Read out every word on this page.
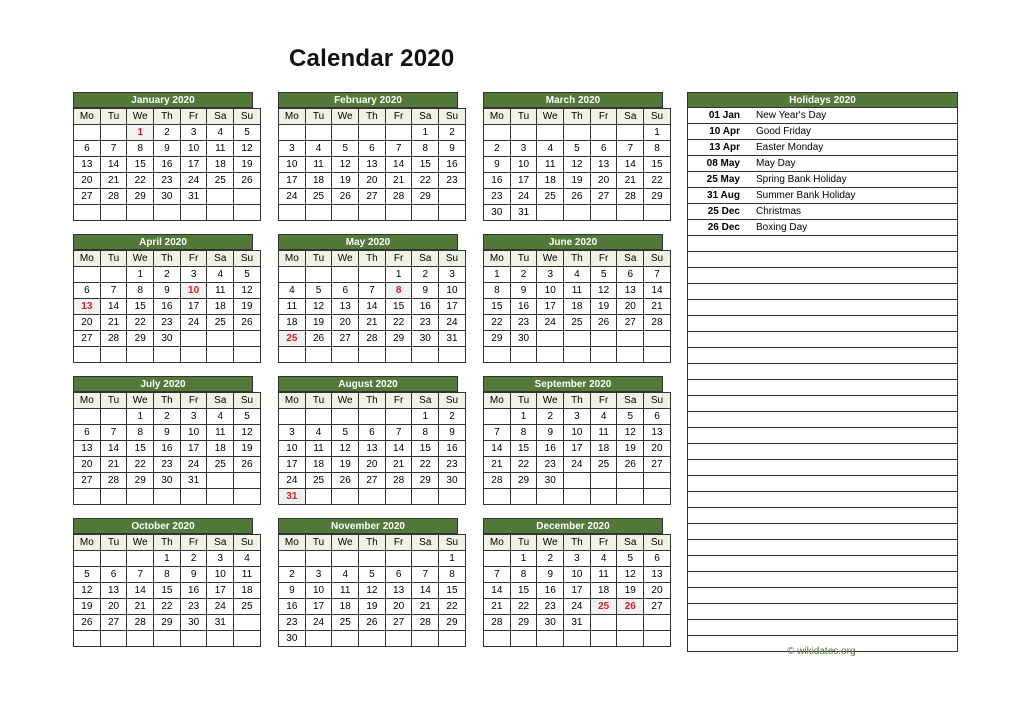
Calendar 2020
January 2020
Mo	Tu	We	Th	Fr	Sa	Su
		1	2	3	4	5
6	7	8	9	10	11	12
13	14	15	16	17	18	19
20	21	22	23	24	25	26
27	28	29	30	31		

February 2020
Mo	Tu	We	Th	Fr	Sa	Su
					1	2
3	4	5	6	7	8	9
10	11	12	13	14	15	16
17	18	19	20	21	22	23
24	25	26	27	28	29	

March 2020
Mo	Tu	We	Th	Fr	Sa	Su
						1
2	3	4	5	6	7	8
9	10	11	12	13	14	15
16	17	18	19	20	21	22
23	24	25	26	27	28	29
30	31					
April 2020
Mo	Tu	We	Th	Fr	Sa	Su
		1	2	3	4	5
6	7	8	9	10	11	12
13	14	15	16	17	18	19
20	21	22	23	24	25	26
27	28	29	30			

May 2020
Mo	Tu	We	Th	Fr	Sa	Su
				1	2	3
4	5	6	7	8	9	10
11	12	13	14	15	16	17
18	19	20	21	22	23	24
25	26	27	28	29	30	31

June 2020
Mo	Tu	We	Th	Fr	Sa	Su
1	2	3	4	5	6	7
8	9	10	11	12	13	14
15	16	17	18	19	20	21
22	23	24	25	26	27	28
29	30					

July 2020
Mo	Tu	We	Th	Fr	Sa	Su
		1	2	3	4	5
6	7	8	9	10	11	12
13	14	15	16	17	18	19
20	21	22	23	24	25	26
27	28	29	30	31		

August 2020
Mo	Tu	We	Th	Fr	Sa	Su
					1	2
3	4	5	6	7	8	9
10	11	12	13	14	15	16
17	18	19	20	21	22	23
24	25	26	27	28	29	30
31						
September 2020
Mo	Tu	We	Th	Fr	Sa	Su
	1	2	3	4	5	6
7	8	9	10	11	12	13
14	15	16	17	18	19	20
21	22	23	24	25	26	27
28	29	30				

October 2020
Mo	Tu	We	Th	Fr	Sa	Su
			1	2	3	4
5	6	7	8	9	10	11
12	13	14	15	16	17	18
19	20	21	22	23	24	25
26	27	28	29	30	31	

November 2020
Mo	Tu	We	Th	Fr	Sa	Su
						1
2	3	4	5	6	7	8
9	10	11	12	13	14	15
16	17	18	19	20	21	22
23	24	25	26	27	28	29
30						
December 2020
Mo	Tu	We	Th	Fr	Sa	Su
	1	2	3	4	5	6
7	8	9	10	11	12	13
14	15	16	17	18	19	20
21	22	23	24	25	26	27
28	29	30	31			

Holidays 2020
01 Jan	New Year's Day
10 Apr	Good Friday
13 Apr	Easter Monday
08 May	May Day
25 May	Spring Bank Holiday
31 Aug	Summer Bank Holiday
25 Dec	Christmas
26 Dec	Boxing Day

© wikidates.org
